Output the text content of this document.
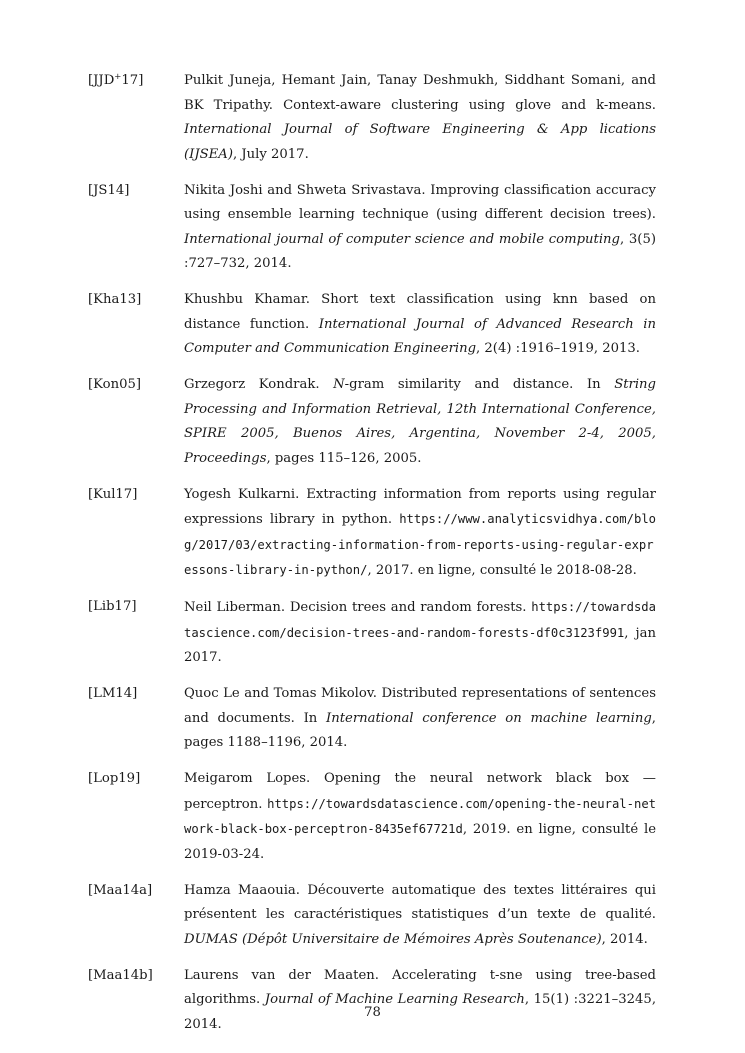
[JJD+17]	Pulkit Juneja, Hemant Jain, Tanay Deshmukh, Siddhant Somani, and BK Tripathy. Context-aware clustering using glove and k-means. International Journal of Software Engineering & App lications (IJSEA), July 2017.
[JS14]	Nikita Joshi and Shweta Srivastava. Improving classification accuracy using ensemble learning technique (using different decision trees). International journal of computer science and mobile computing, 3(5) :727–732, 2014.
[Kha13]	Khushbu Khamar. Short text classification using knn based on distance function. International Journal of Advanced Research in Computer and Communication Engineering, 2(4) :1916–1919, 2013.
[Kon05]	Grzegorz Kondrak. N-gram similarity and distance. In String Processing and Information Retrieval, 12th International Conference, SPIRE 2005, Buenos Aires, Argentina, November 2-4, 2005, Proceedings, pages 115–126, 2005.
[Kul17]	Yogesh Kulkarni. Extracting information from reports using regular expressions library in python. https://www.analyticsvidhya.com/blog/2017/03/extracting-information-from-reports-using-regular-expressons-library-in-python/, 2017. en ligne, consulté le 2018-08-28.
[Lib17]	Neil Liberman. Decision trees and random forests. https://towardsdatascience.com/decision-trees-and-random-forests-df0c3123f991, jan 2017.
[LM14]	Quoc Le and Tomas Mikolov. Distributed representations of sentences and documents. In International conference on machine learning, pages 1188–1196, 2014.
[Lop19]	Meigarom Lopes. Opening the neural network black box — perceptron. https://towardsdatascience.com/opening-the-neural-network-black-box-perceptron-8435ef67721d, 2019. en ligne, consulté le 2019-03-24.
[Maa14a] Hamza Maaouia. Découverte automatique des textes littéraires qui présentent les caractéristiques statistiques d’un texte de qualité. DUMAS (Dépôt Universitaire de Mémoires Après Soutenance), 2014.
[Maa14b] Laurens van der Maaten. Accelerating t-sne using tree-based algorithms. Journal of Machine Learning Research, 15(1) :3221–3245, 2014.
78
